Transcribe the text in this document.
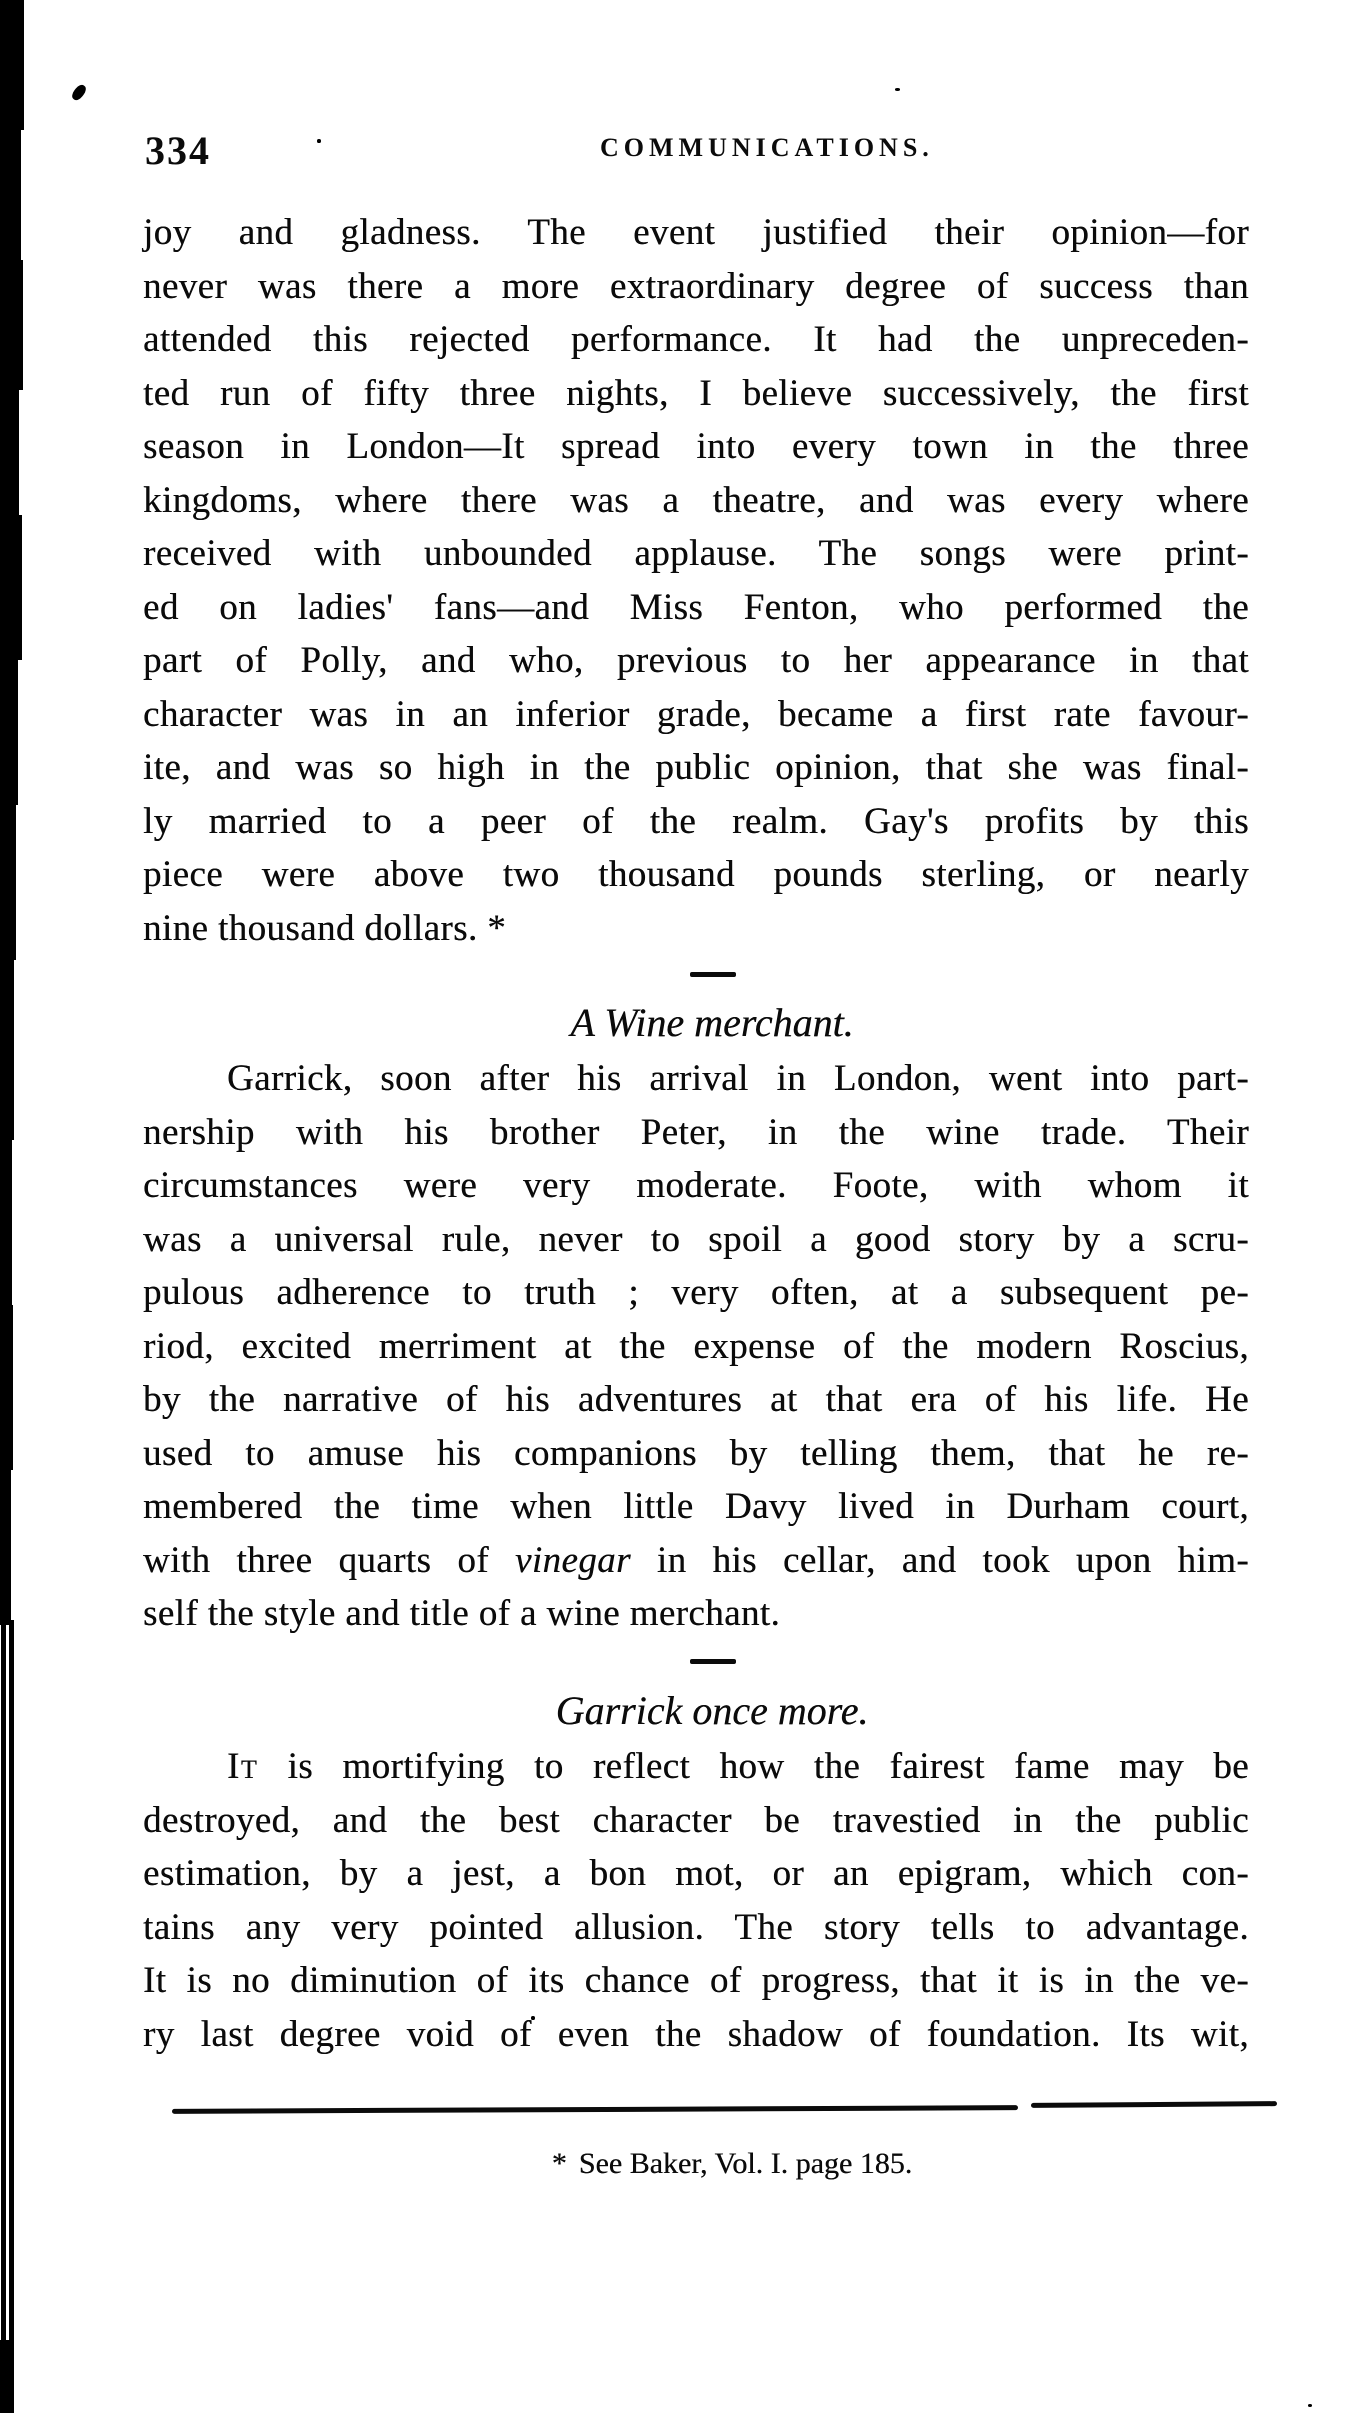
334	COMMUNICATIONS.
joy and gladness. The event justified their opinion—for
never was there a more extraordinary degree of success than
attended this rejected performance. It had the unpreceden-
ted run of fifty three nights, I believe successively, the first
season in London—It spread into every town in the three
kingdoms, where there was a theatre, and was every where
received with unbounded applause. The songs were print-
ed on ladies' fans—and Miss Fenton, who performed the
part of Polly, and who, previous to her appearance in that
character was in an inferior grade, became a first rate favour-
ite, and was so high in the public opinion, that she was final-
ly married to a peer of the realm. Gay's profits by this
piece were above two thousand pounds sterling, or nearly
nine thousand dollars. *
A Wine merchant.
Garrick, soon after his arrival in London, went into part-
nership with his brother Peter, in the wine trade. Their
circumstances were very moderate. Foote, with whom it
was a universal rule, never to spoil a good story by a scru-
pulous adherence to truth ; very often, at a subsequent pe-
riod, excited merriment at the expense of the modern Roscius,
by the narrative of his adventures at that era of his life. He
used to amuse his companions by telling them, that he re-
membered the time when little Davy lived in Durham court,
with three quarts of vinegar in his cellar, and took upon him-
self the style and title of a wine merchant.
Garrick once more.
It is mortifying to reflect how the fairest fame may be
destroyed, and the best character be travestied in the public
estimation, by a jest, a bon mot, or an epigram, which con-
tains any very pointed allusion. The story tells to advantage.
It is no diminution of its chance of progress, that it is in the ve-
ry last degree void of even the shadow of foundation. Its wit,
* See Baker, Vol. I. page 185.
